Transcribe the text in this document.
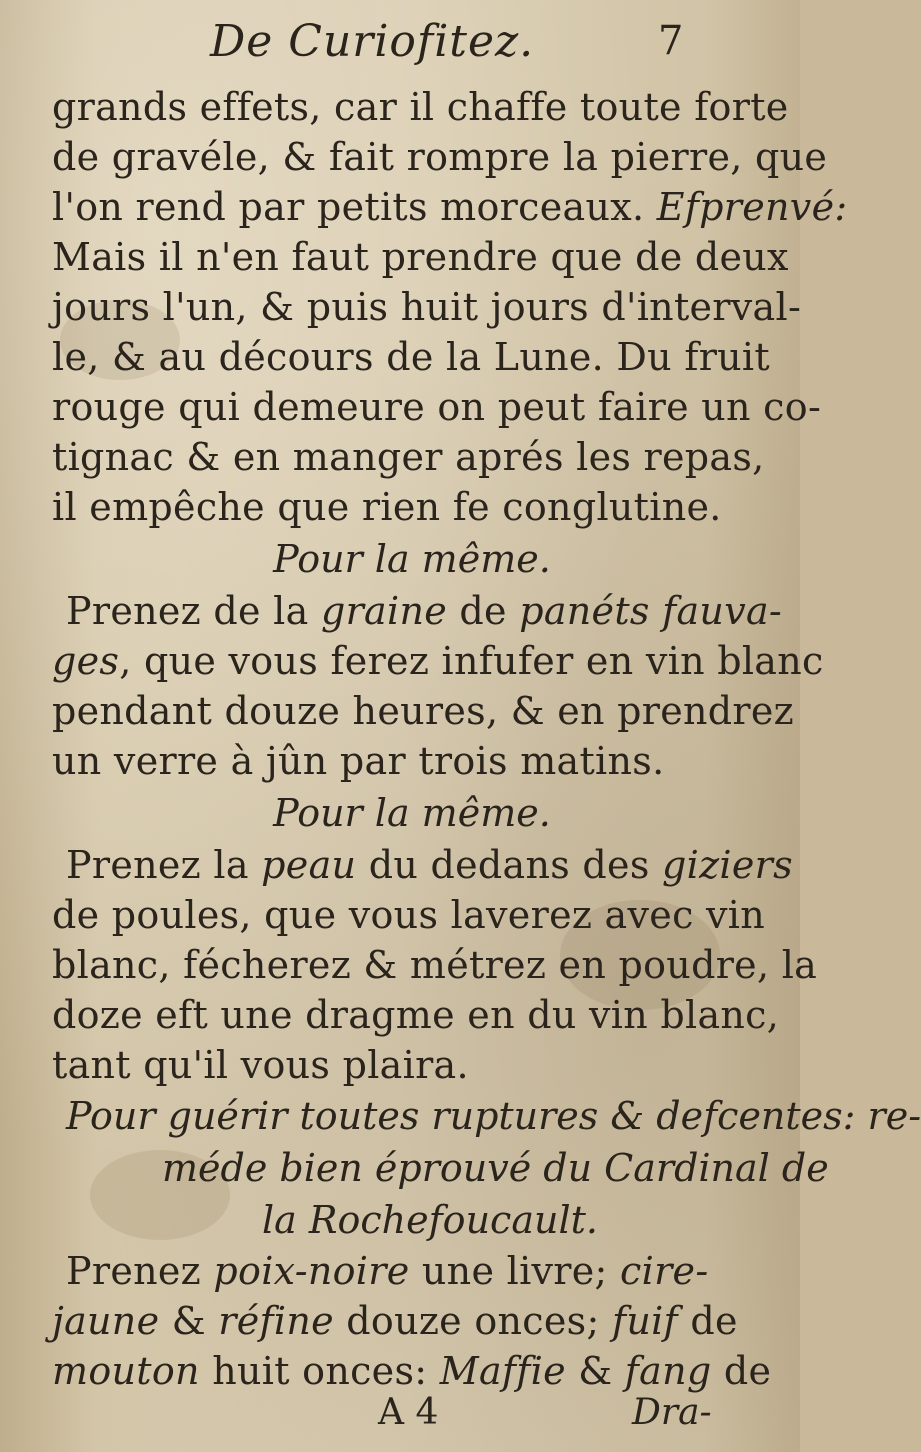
De Curiofitez.	7
grands effets, car il chaffe toute forte
de gravéle, & fait rompre la pierre, que
l'on rend par petits morceaux. Efprenvé:
Mais il n'en faut prendre que de deux
jours l'un, & puis huit jours d'interval-
le, & au décours de la Lune. Du fruit
rouge qui demeure on peut faire un co-
tignac & en manger aprés les repas,
il empêche que rien fe conglutine.
Pour la même.
Prenez de la graine de panéts fauva-
ges, que vous ferez infufer en vin blanc
pendant douze heures, & en prendrez
un verre à jûn par trois matins.
Pour la même.
Prenez la peau du dedans des giziers
de poules, que vous laverez avec vin
blanc, fécherez & métrez en poudre, la
doze eft une dragme en du vin blanc,
tant qu'il vous plaira.
Pour guérir toutes ruptures & defcentes: re-
méde bien éprouvé du Cardinal de
la Rochefoucault.
Prenez poix-noire une livre; cire-
jaune & réfine douze onces; fuif de
mouton huit onces: Maffie & fang de
A 4	Dra-
